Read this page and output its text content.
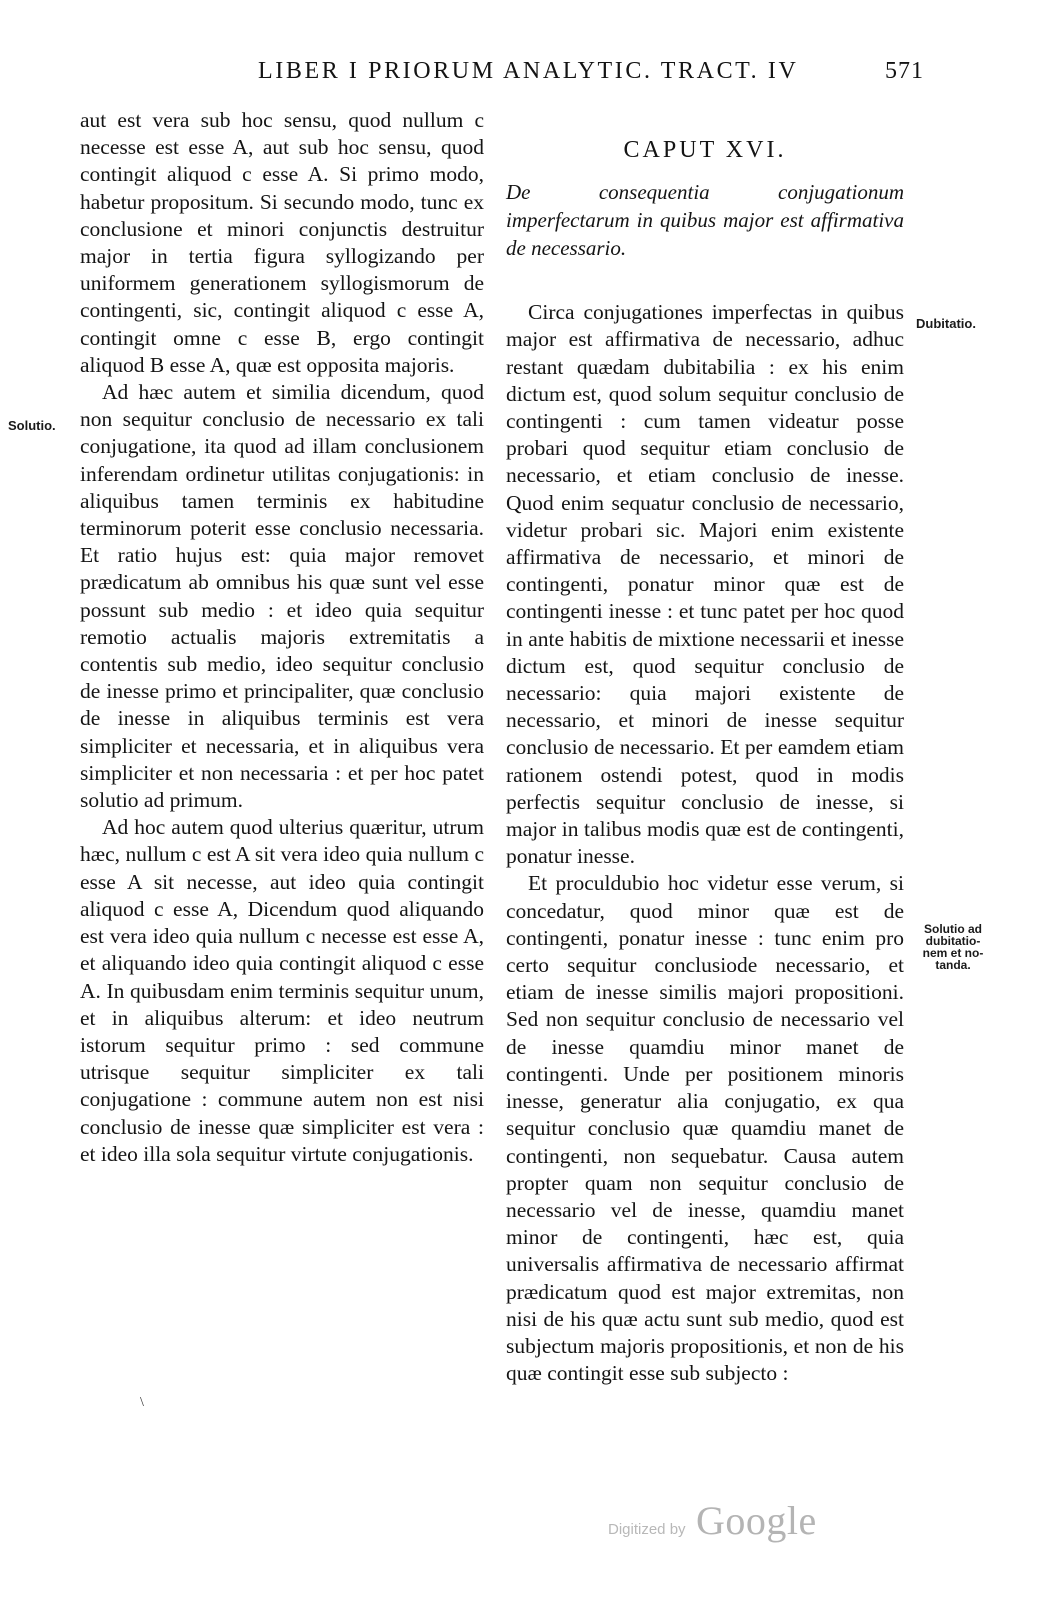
LIBER I PRIORUM ANALYTIC. TRACT. IV	571

aut est vera sub hoc sensu, quod nullum c necesse est esse A, aut sub hoc sensu, quod contingit aliquod c esse A. Si primo modo, habetur propositum. Si secundo modo, tunc ex conclusione et minori conjunctis destruitur major in tertia figura syllogizando per uniformem generationem syllogismorum de contingenti, sic, contingit aliquod c esse A, contingit omne c esse B, ergo contingit aliquod B esse A, quæ est opposita majoris.

Ad hæc autem et similia dicendum, quod non sequitur conclusio de necessario ex tali conjugatione, ita quod ad illam conclusionem inferendam ordinetur utilitas conjugationis: in aliquibus tamen terminis ex habitudine terminorum poterit esse conclusio necessaria. Et ratio hujus est: quia major removet prædicatum ab omnibus his quæ sunt vel esse possunt sub medio : et ideo quia sequitur remotio actualis majoris extremitatis a contentis sub medio, ideo sequitur conclusio de inesse primo et principaliter, quæ conclusio de inesse in aliquibus terminis est vera simpliciter et necessaria, et in aliquibus vera simpliciter et non necessaria : et per hoc patet solutio ad primum.

Ad hoc autem quod ulterius quæritur, utrum hæc, nullum c est A sit vera ideo quia nullum c esse A sit necesse, aut ideo quia contingit aliquod c esse A, Dicendum quod aliquando est vera ideo quia nullum c necesse est esse A, et aliquando ideo quia contingit aliquod c esse A. In quibusdam enim terminis sequitur unum, et in aliquibus alterum: et ideo neutrum istorum sequitur primo : sed commune utrisque sequitur simpliciter ex tali conjugatione : commune autem non est nisi conclusio de inesse quæ simpliciter est vera : et ideo illa sola sequitur virtute conjugationis.

CAPUT XVI.

De consequentia conjugationum imperfectarum in quibus major est affirmativa de necessario.

Circa conjugationes imperfectas in quibus major est affirmativa de necessario, adhuc restant quædam dubitabilia : ex his enim dictum est, quod solum sequitur conclusio de contingenti : cum tamen videatur posse probari quod sequitur etiam conclusio de necessario, et etiam conclusio de inesse. Quod enim sequatur conclusio de necessario, videtur probari sic. Majori enim existente affirmativa de necessario, et minori de contingenti, ponatur minor quæ est de contingenti inesse : et tunc patet per hoc quod in ante habitis de mixtione necessarii et inesse dictum est, quod sequitur conclusio de necessario: quia majori existente de necessario, et minori de inesse sequitur conclusio de necessario. Et per eamdem etiam rationem ostendi potest, quod in modis perfectis sequitur conclusio de inesse, si major in talibus modis quæ est de contingenti, ponatur inesse.

Et proculdubio hoc videtur esse verum, si concedatur, quod minor quæ est de contingenti, ponatur inesse : tunc enim pro certo sequitur conclusiode necessario, et etiam de inesse similis majori propositioni. Sed non sequitur conclusio de necessario vel de inesse quamdiu minor manet de contingenti. Unde per positionem minoris inesse, generatur alia conjugatio, ex qua sequitur conclusio quæ quamdiu manet de contingenti, non sequebatur. Causa autem propter quam non sequitur conclusio de necessario vel de inesse, quamdiu manet minor de contingenti, hæc est, quia universalis affirmativa de necessario affirmat prædicatum quod est major extremitas, non nisi de his quæ actu sunt sub medio, quod est subjectum majoris propositionis, et non de his quæ contingit esse sub subjecto :

Solutio.
Dubitatio.
Solutio ad
dubitatio-
nem et no-
tanda.
\
Digitized by Google
